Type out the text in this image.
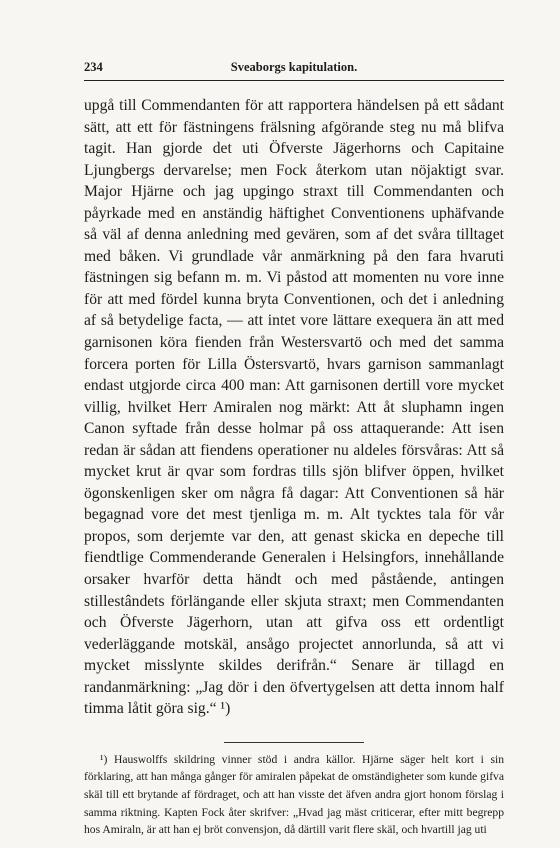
234	Sveaborgs kapitulation.

upgå till Commendanten för att rapportera händelsen på ett sådant sätt, att ett för fästningens frälsning afgörande steg nu må blifva tagit. Han gjorde det uti Öfverste Jägerhorns och Capitaine Ljungbergs dervarelse; men Fock återkom utan nöjaktigt svar. Major Hjärne och jag upgingo straxt till Commendanten och påyrkade med en anständig häftighet Conventionens uphäfvande så väl af denna anledning med gevären, som af det svåra tilltaget med båken. Vi grundlade vår anmärkning på den fara hvaruti fästningen sig befann m. m. Vi påstod att momenten nu vore inne för att med fördel kunna bryta Conventionen, och det i anledning af så betydelige facta, — att intet vore lättare exequera än att med garnisonen köra fienden från Westersvartö och med det samma forcera porten för Lilla Östersvartö, hvars garnison sammanlagt endast utgjorde circa 400 man: Att garnisonen dertill vore mycket villig, hvilket Herr Amiralen nog märkt: Att åt sluphamn ingen Canon syftade från desse holmar på oss attaquerande: Att isen redan är sådan att fiendens operationer nu aldeles försvåras: Att så mycket krut är qvar som fordras tills sjön blifver öppen, hvilket ögonskenligen sker om några få dagar: Att Conventionen så här begagnad vore det mest tjenliga m. m. Alt tycktes tala för vår propos, som derjemte var den, att genast skicka en depeche till fiendtlige Commenderande Generalen i Helsingfors, innehållande orsaker hvarför detta händt och med påstående, antingen stillestândets förlängande eller skjuta straxt; men Commendanten och Öfverste Jägerhorn, utan att gifva oss ett ordentligt vederläggande motskäl, ansågo projectet annorlunda, så att vi mycket misslynte skildes derifrån.“ Senare är tillagd en randanmärkning: „Jag dör i den öfvertygelsen att detta innom half timma låtit göra sig.“ ¹)

¹) Hauswolffs skildring vinner stöd i andra källor. Hjärne säger helt kort i sin förklaring, att han många gånger för amiralen påpekat de omständigheter som kunde gifva skäl till ett brytande af fördraget, och att han visste det äfven andra gjort honom förslag i samma riktning. Kapten Fock åter skrifver: „Hvad jag mäst criticerar, efter mitt begrepp hos Amiraln, är att han ej bröt convensjon, då därtill varit flere skäl, och hvartill jag uti
